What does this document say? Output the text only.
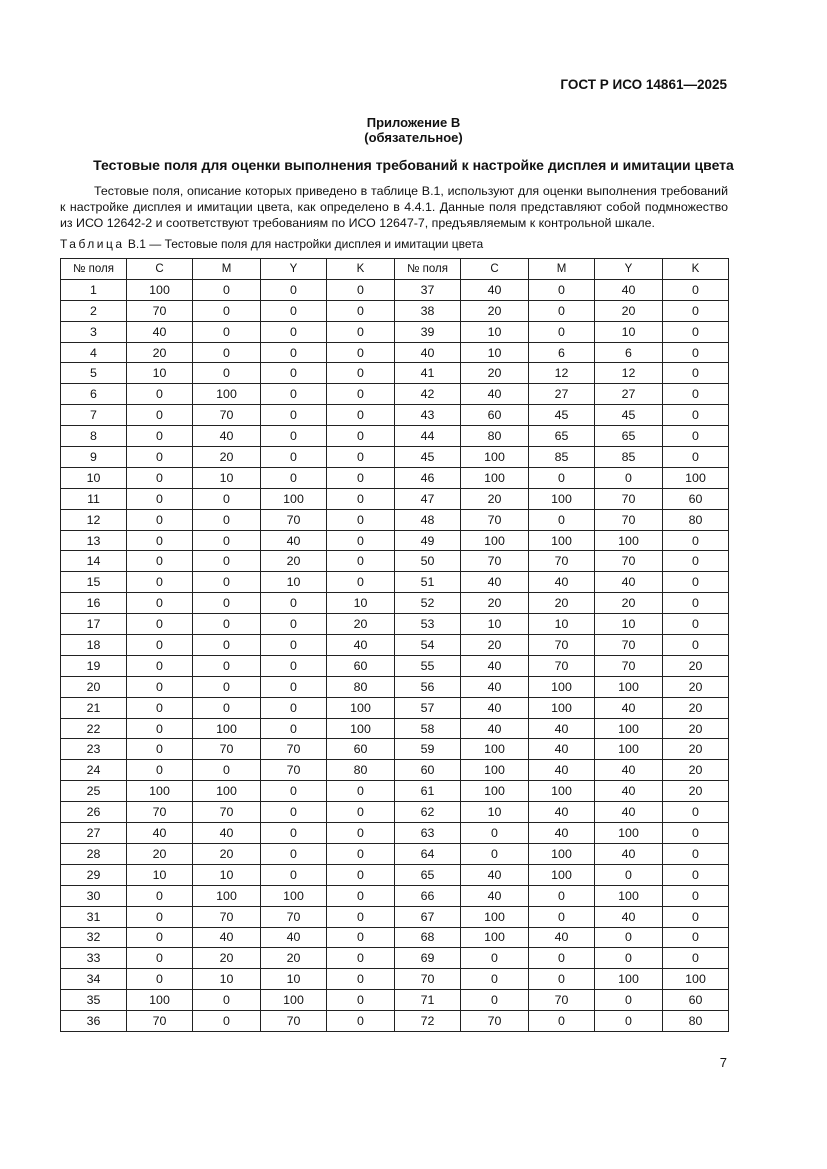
ГОСТ Р ИСО 14861—2025
Приложение В
(обязательное)
Тестовые поля для оценки выполнения требований к настройке дисплея и имитации цвета
Тестовые поля, описание которых приведено в таблице В.1, используют для оценки выполнения требований к настройке дисплея и имитации цвета, как определено в 4.4.1. Данные поля представляют собой подмножество из ИСО 12642-2 и соответствуют требованиям по ИСО 12647-7, предъявляемым к контрольной шкале.
Таблица В.1 — Тестовые поля для настройки дисплея и имитации цвета
№ поля	C	M	Y	K	№ поля	C	M	Y	K
1	100	0	0	0	37	40	0	40	0
2	70	0	0	0	38	20	0	20	0
3	40	0	0	0	39	10	0	10	0
4	20	0	0	0	40	10	6	6	0
5	10	0	0	0	41	20	12	12	0
6	0	100	0	0	42	40	27	27	0
7	0	70	0	0	43	60	45	45	0
8	0	40	0	0	44	80	65	65	0
9	0	20	0	0	45	100	85	85	0
10	0	10	0	0	46	100	0	0	100
11	0	0	100	0	47	20	100	70	60
12	0	0	70	0	48	70	0	70	80
13	0	0	40	0	49	100	100	100	0
14	0	0	20	0	50	70	70	70	0
15	0	0	10	0	51	40	40	40	0
16	0	0	0	10	52	20	20	20	0
17	0	0	0	20	53	10	10	10	0
18	0	0	0	40	54	20	70	70	0
19	0	0	0	60	55	40	70	70	20
20	0	0	0	80	56	40	100	100	20
21	0	0	0	100	57	40	100	40	20
22	0	100	0	100	58	40	40	100	20
23	0	70	70	60	59	100	40	100	20
24	0	0	70	80	60	100	40	40	20
25	100	100	0	0	61	100	100	40	20
26	70	70	0	0	62	10	40	40	0
27	40	40	0	0	63	0	40	100	0
28	20	20	0	0	64	0	100	40	0
29	10	10	0	0	65	40	100	0	0
30	0	100	100	0	66	40	0	100	0
31	0	70	70	0	67	100	0	40	0
32	0	40	40	0	68	100	40	0	0
33	0	20	20	0	69	0	0	0	0
34	0	10	10	0	70	0	0	100	100
35	100	0	100	0	71	0	70	0	60
36	70	0	70	0	72	70	0	0	80
7
